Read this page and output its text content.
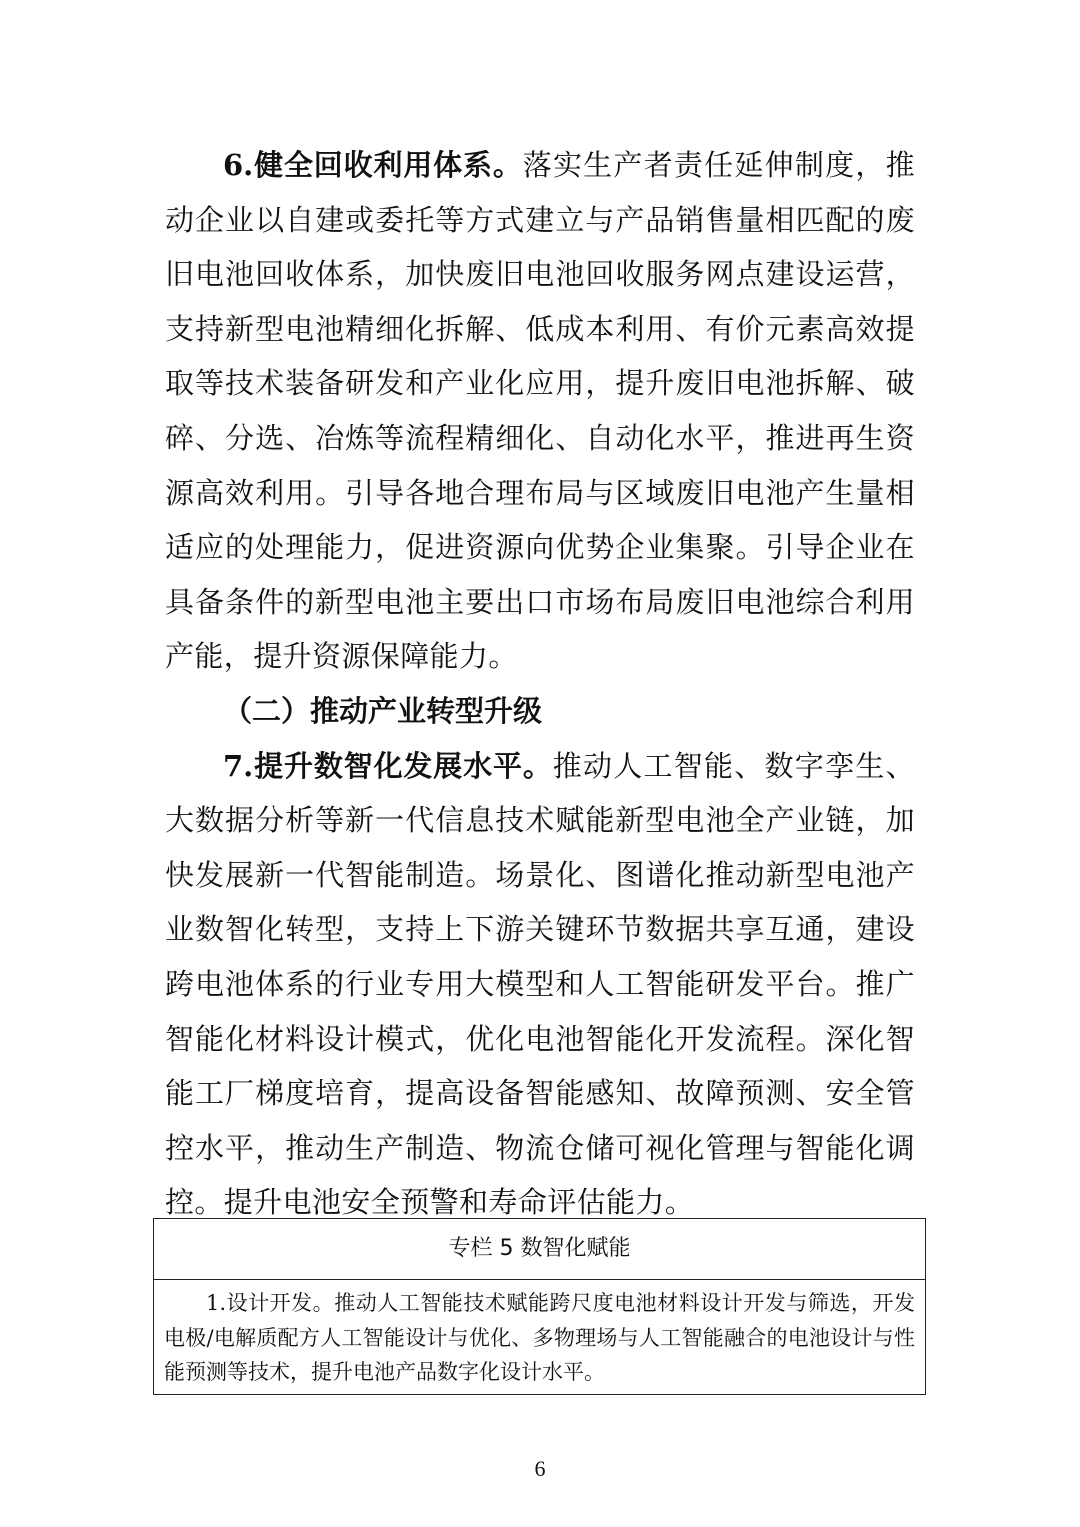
6.健全回收利用体系。落实生产者责任延伸制度，推动企业以自建或委托等方式建立与产品销售量相匹配的废旧电池回收体系，加快废旧电池回收服务网点建设运营，支持新型电池精细化拆解、低成本利用、有价元素高效提取等技术装备研发和产业化应用，提升废旧电池拆解、破碎、分选、冶炼等流程精细化、自动化水平，推进再生资源高效利用。引导各地合理布局与区域废旧电池产生量相适应的处理能力，促进资源向优势企业集聚。引导企业在具备条件的新型电池主要出口市场布局废旧电池综合利用产能，提升资源保障能力。

（二）推动产业转型升级

7.提升数智化发展水平。推动人工智能、数字孪生、大数据分析等新一代信息技术赋能新型电池全产业链，加快发展新一代智能制造。场景化、图谱化推动新型电池产业数智化转型，支持上下游关键环节数据共享互通，建设跨电池体系的行业专用大模型和人工智能研发平台。推广智能化材料设计模式，优化电池智能化开发流程。深化智能工厂梯度培育，提高设备智能感知、故障预测、安全管控水平，推动生产制造、物流仓储可视化管理与智能化调控。提升电池安全预警和寿命评估能力。

专栏 5 数智化赋能

1.设计开发。推动人工智能技术赋能跨尺度电池材料设计开发与筛选，开发电极/电解质配方人工智能设计与优化、多物理场与人工智能融合的电池设计与性能预测等技术，提升电池产品数字化设计水平。

6
